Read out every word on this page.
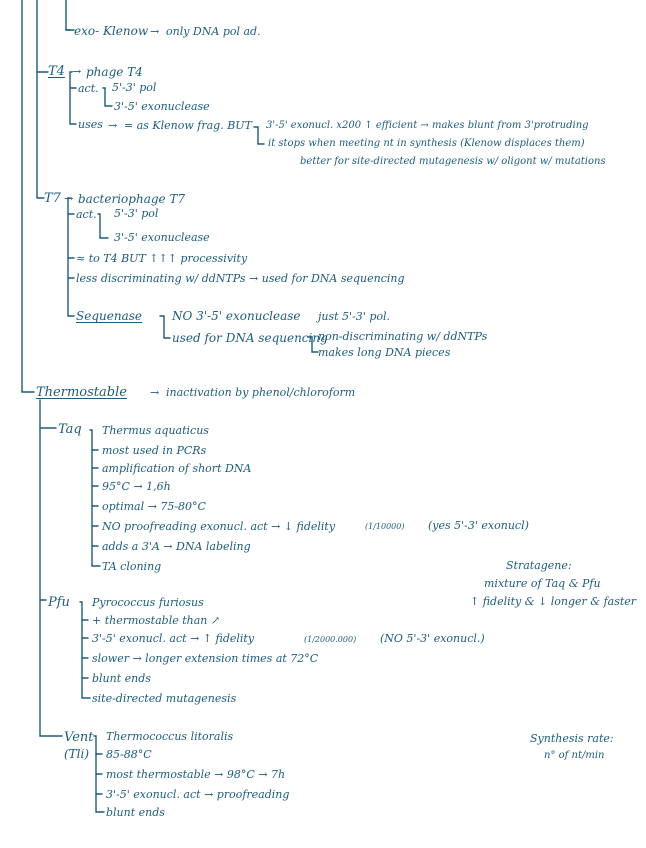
exo- Klenow → only DNA pol ad.
T4 → phage T4
act. 5'-3' pol
3'-5' exonuclease
uses → = as Klenow frag. BUT 3'-5' exonucl. x200 ↑ efficient → makes blunt from 3'protruding
it stops when meeting nt in synthesis (Klenow displaces them)
better for site-directed mutagenesis w/ oligont w/ mutations
T7 → bacteriophage T7
act. 5'-3' pol
3'-5' exonuclease
≈ to T4 BUT ↑↑↑ processivity
less discriminating w/ ddNTPs → used for DNA sequencing
Sequenase	NO 3'-5' exonuclease just 5'-3' pol.
used for DNA sequencing
non-discriminating w/ ddNTPs
makes long DNA pieces
Thermostable → inactivation by phenol/chloroform
Taq Thermus aquaticus
most used in PCRs
amplification of short DNA
95°C → 1,6h
optimal → 75-80°C
NO proofreading exonucl. act → ↓ fidelity	(1/10000) (yes 5'-3' exonucl)
adds a 3'A → DNA labeling
TA cloning	Stratagene:
mixture of Taq & Pfu
↑ fidelity & ↓ longer & faster
Pfu Pyrococcus furiosus
+ thermostable than ↗
3'-5' exonucl. act → ↑ fidelity	(1/2000.000) (NO 5'-3' exonucl.)
slower → longer extension times at 72°C
blunt ends
site-directed mutagenesis
Vent
(Tli)
Thermococcus litoralis
85-88°C
most thermostable → 98°C → 7h
3'-5' exonucl. act → proofreading
blunt ends
Synthesis rate:
n° of nt/min
